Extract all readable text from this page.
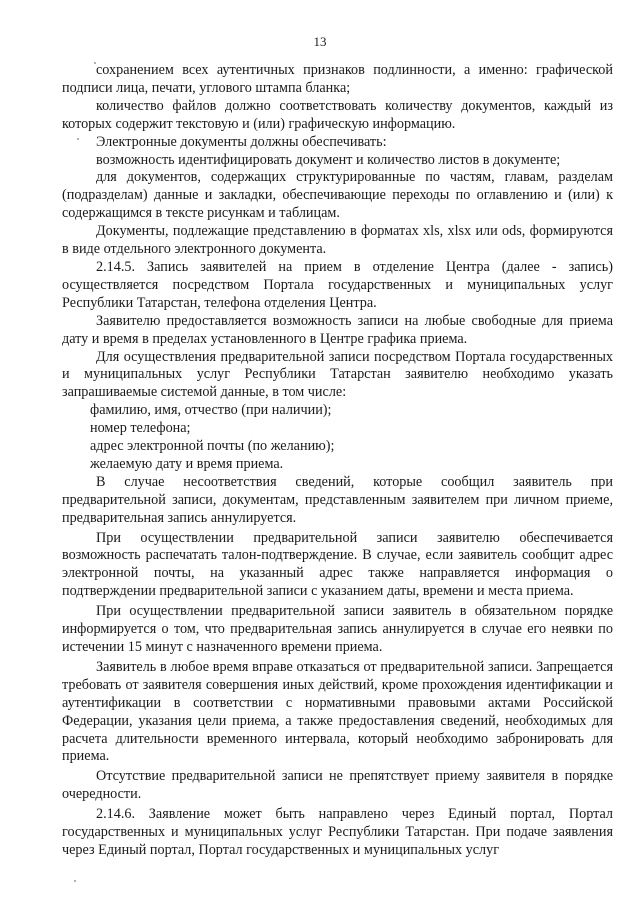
13

сохранением всех аутентичных признаков подлинности, а именно: графической подписи лица, печати, углового штампа бланка;

количество файлов должно соответствовать количеству документов, каждый из которых содержит текстовую и (или) графическую информацию.

Электронные документы должны обеспечивать:

возможность идентифицировать документ и количество листов в документе;

для документов, содержащих структурированные по частям, главам, разделам (подразделам) данные и закладки, обеспечивающие переходы по оглавлению и (или) к содержащимся в тексте рисункам и таблицам.

Документы, подлежащие представлению в форматах xls, xlsx или ods, формируются в виде отдельного электронного документа.

2.14.5. Запись заявителей на прием в отделение Центра (далее - запись) осуществляется посредством Портала государственных и муниципальных услуг Республики Татарстан, телефона отделения Центра.

Заявителю предоставляется возможность записи на любые свободные для приема дату и время в пределах установленного в Центре графика приема.

Для осуществления предварительной записи посредством Портала государственных и муниципальных услуг Республики Татарстан заявителю необходимо указать запрашиваемые системой данные, в том числе:

фамилию, имя, отчество (при наличии);

номер телефона;

адрес электронной почты (по желанию);

желаемую дату и время приема.

В случае несоответствия сведений, которые сообщил заявитель при предварительной записи, документам, представленным заявителем при личном приеме, предварительная запись аннулируется.

При осуществлении предварительной записи заявителю обеспечивается возможность распечатать талон-подтверждение. В случае, если заявитель сообщит адрес электронной почты, на указанный адрес также направляется информация о подтверждении предварительной записи с указанием даты, времени и места приема.

При осуществлении предварительной записи заявитель в обязательном порядке информируется о том, что предварительная запись аннулируется в случае его неявки по истечении 15 минут с назначенного времени приема.

Заявитель в любое время вправе отказаться от предварительной записи. Запрещается требовать от заявителя совершения иных действий, кроме прохождения идентификации и аутентификации в соответствии с нормативными правовыми актами Российской Федерации, указания цели приема, а также предоставления сведений, необходимых для расчета длительности временного интервала, который необходимо забронировать для приема.

Отсутствие предварительной записи не препятствует приему заявителя в порядке очередности.

2.14.6. Заявление может быть направлено через Единый портал, Портал государственных и муниципальных услуг Республики Татарстан. При подаче заявления через Единый портал, Портал государственных и муниципальных услуг
